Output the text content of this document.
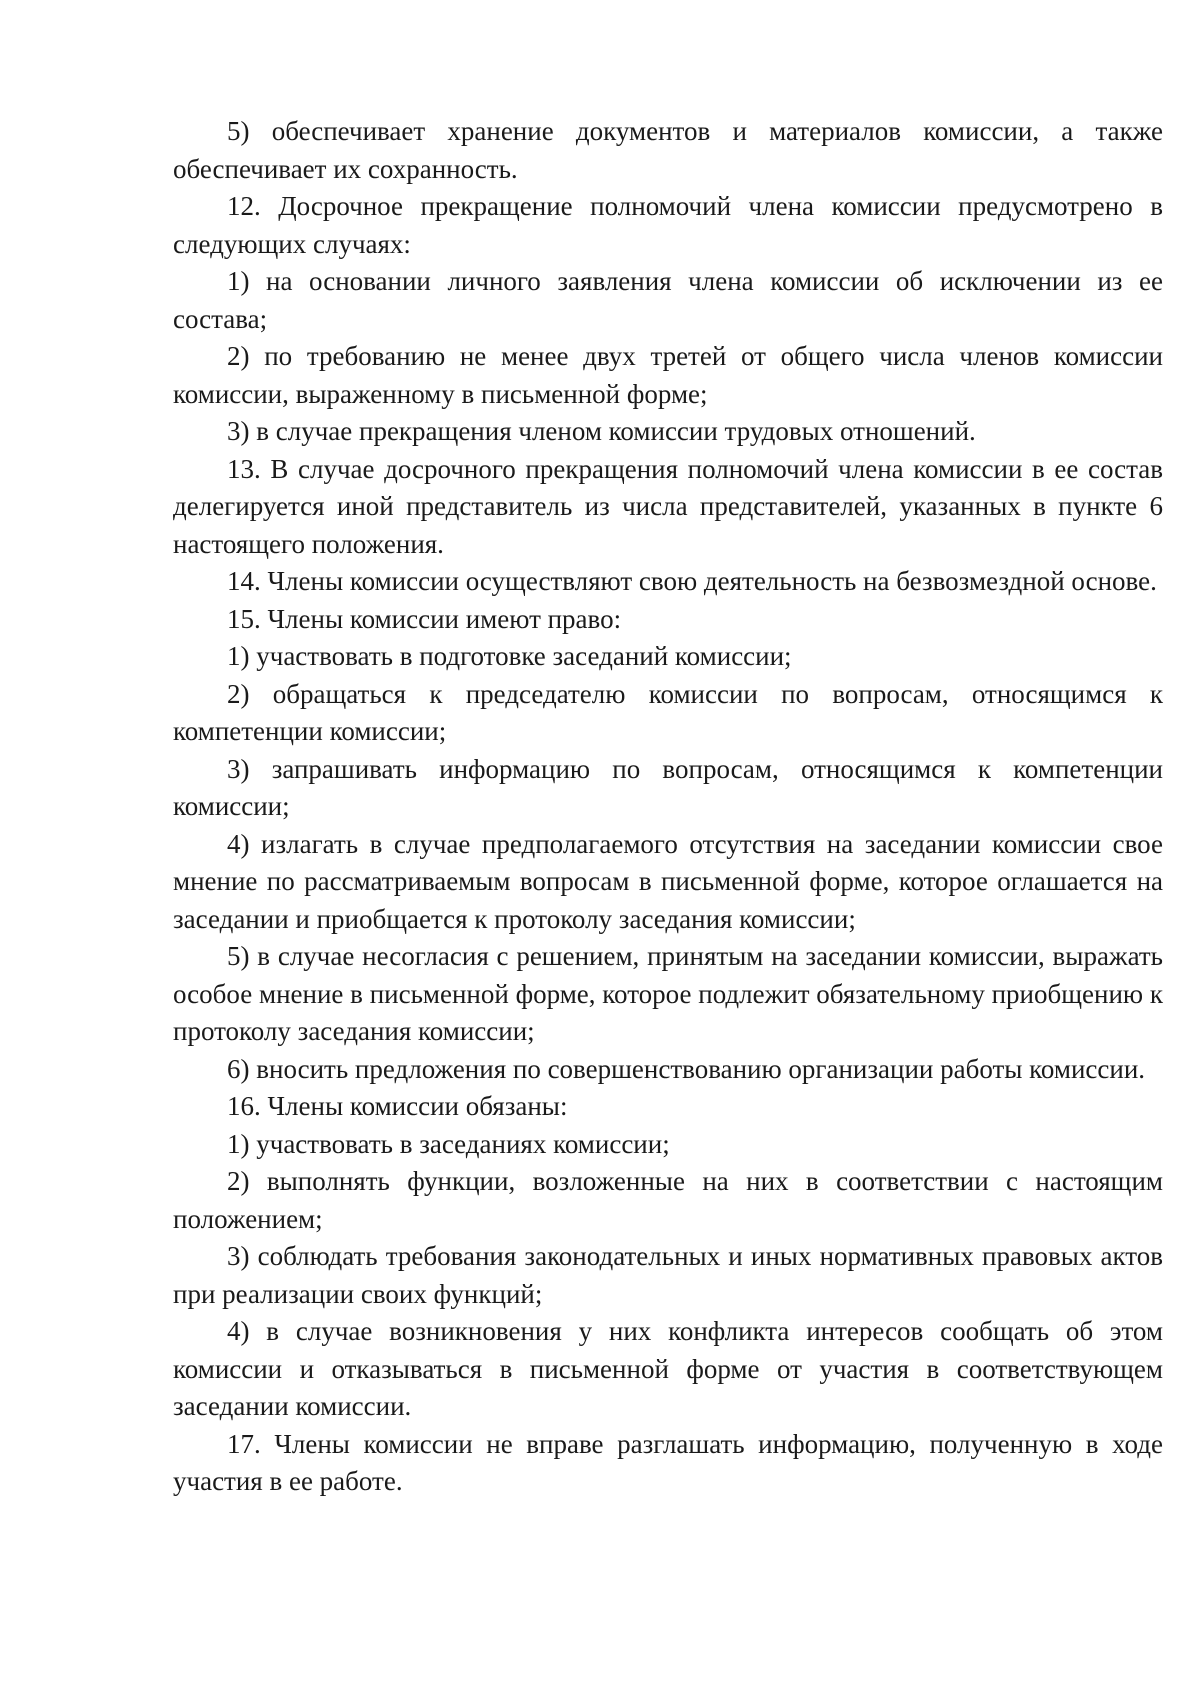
5) обеспечивает хранение документов и материалов комиссии, а также обеспечивает их сохранность.

12. Досрочное прекращение полномочий члена комиссии предусмотрено в следующих случаях:

1) на основании личного заявления члена комиссии об исключении из ее состава;

2) по требованию не менее двух третей от общего числа членов комиссии комиссии, выраженному в письменной форме;

3) в случае прекращения членом комиссии трудовых отношений.

13. В случае досрочного прекращения полномочий члена комиссии в ее состав делегируется иной представитель из числа представителей, указанных в пункте 6 настоящего положения.

14. Члены комиссии осуществляют свою деятельность на безвозмездной основе.

15. Члены комиссии имеют право:

1) участвовать в подготовке заседаний комиссии;

2) обращаться к председателю комиссии по вопросам, относящимся к компетенции комиссии;

3) запрашивать информацию по вопросам, относящимся к компетенции комиссии;

4) излагать в случае предполагаемого отсутствия на заседании комиссии свое мнение по рассматриваемым вопросам в письменной форме, которое оглашается на заседании и приобщается к протоколу заседания комиссии;

5) в случае несогласия с решением, принятым на заседании комиссии, выражать особое мнение в письменной форме, которое подлежит обязательному приобщению к протоколу заседания комиссии;

6) вносить предложения по совершенствованию организации работы комиссии.

16. Члены комиссии обязаны:

1) участвовать в заседаниях комиссии;

2) выполнять функции, возложенные на них в соответствии с настоящим положением;

3) соблюдать требования законодательных и иных нормативных правовых актов при реализации своих функций;

4) в случае возникновения у них конфликта интересов сообщать об этом комиссии и отказываться в письменной форме от участия в соответствующем заседании комиссии.

17. Члены комиссии не вправе разглашать информацию, полученную в ходе участия в ее работе.
